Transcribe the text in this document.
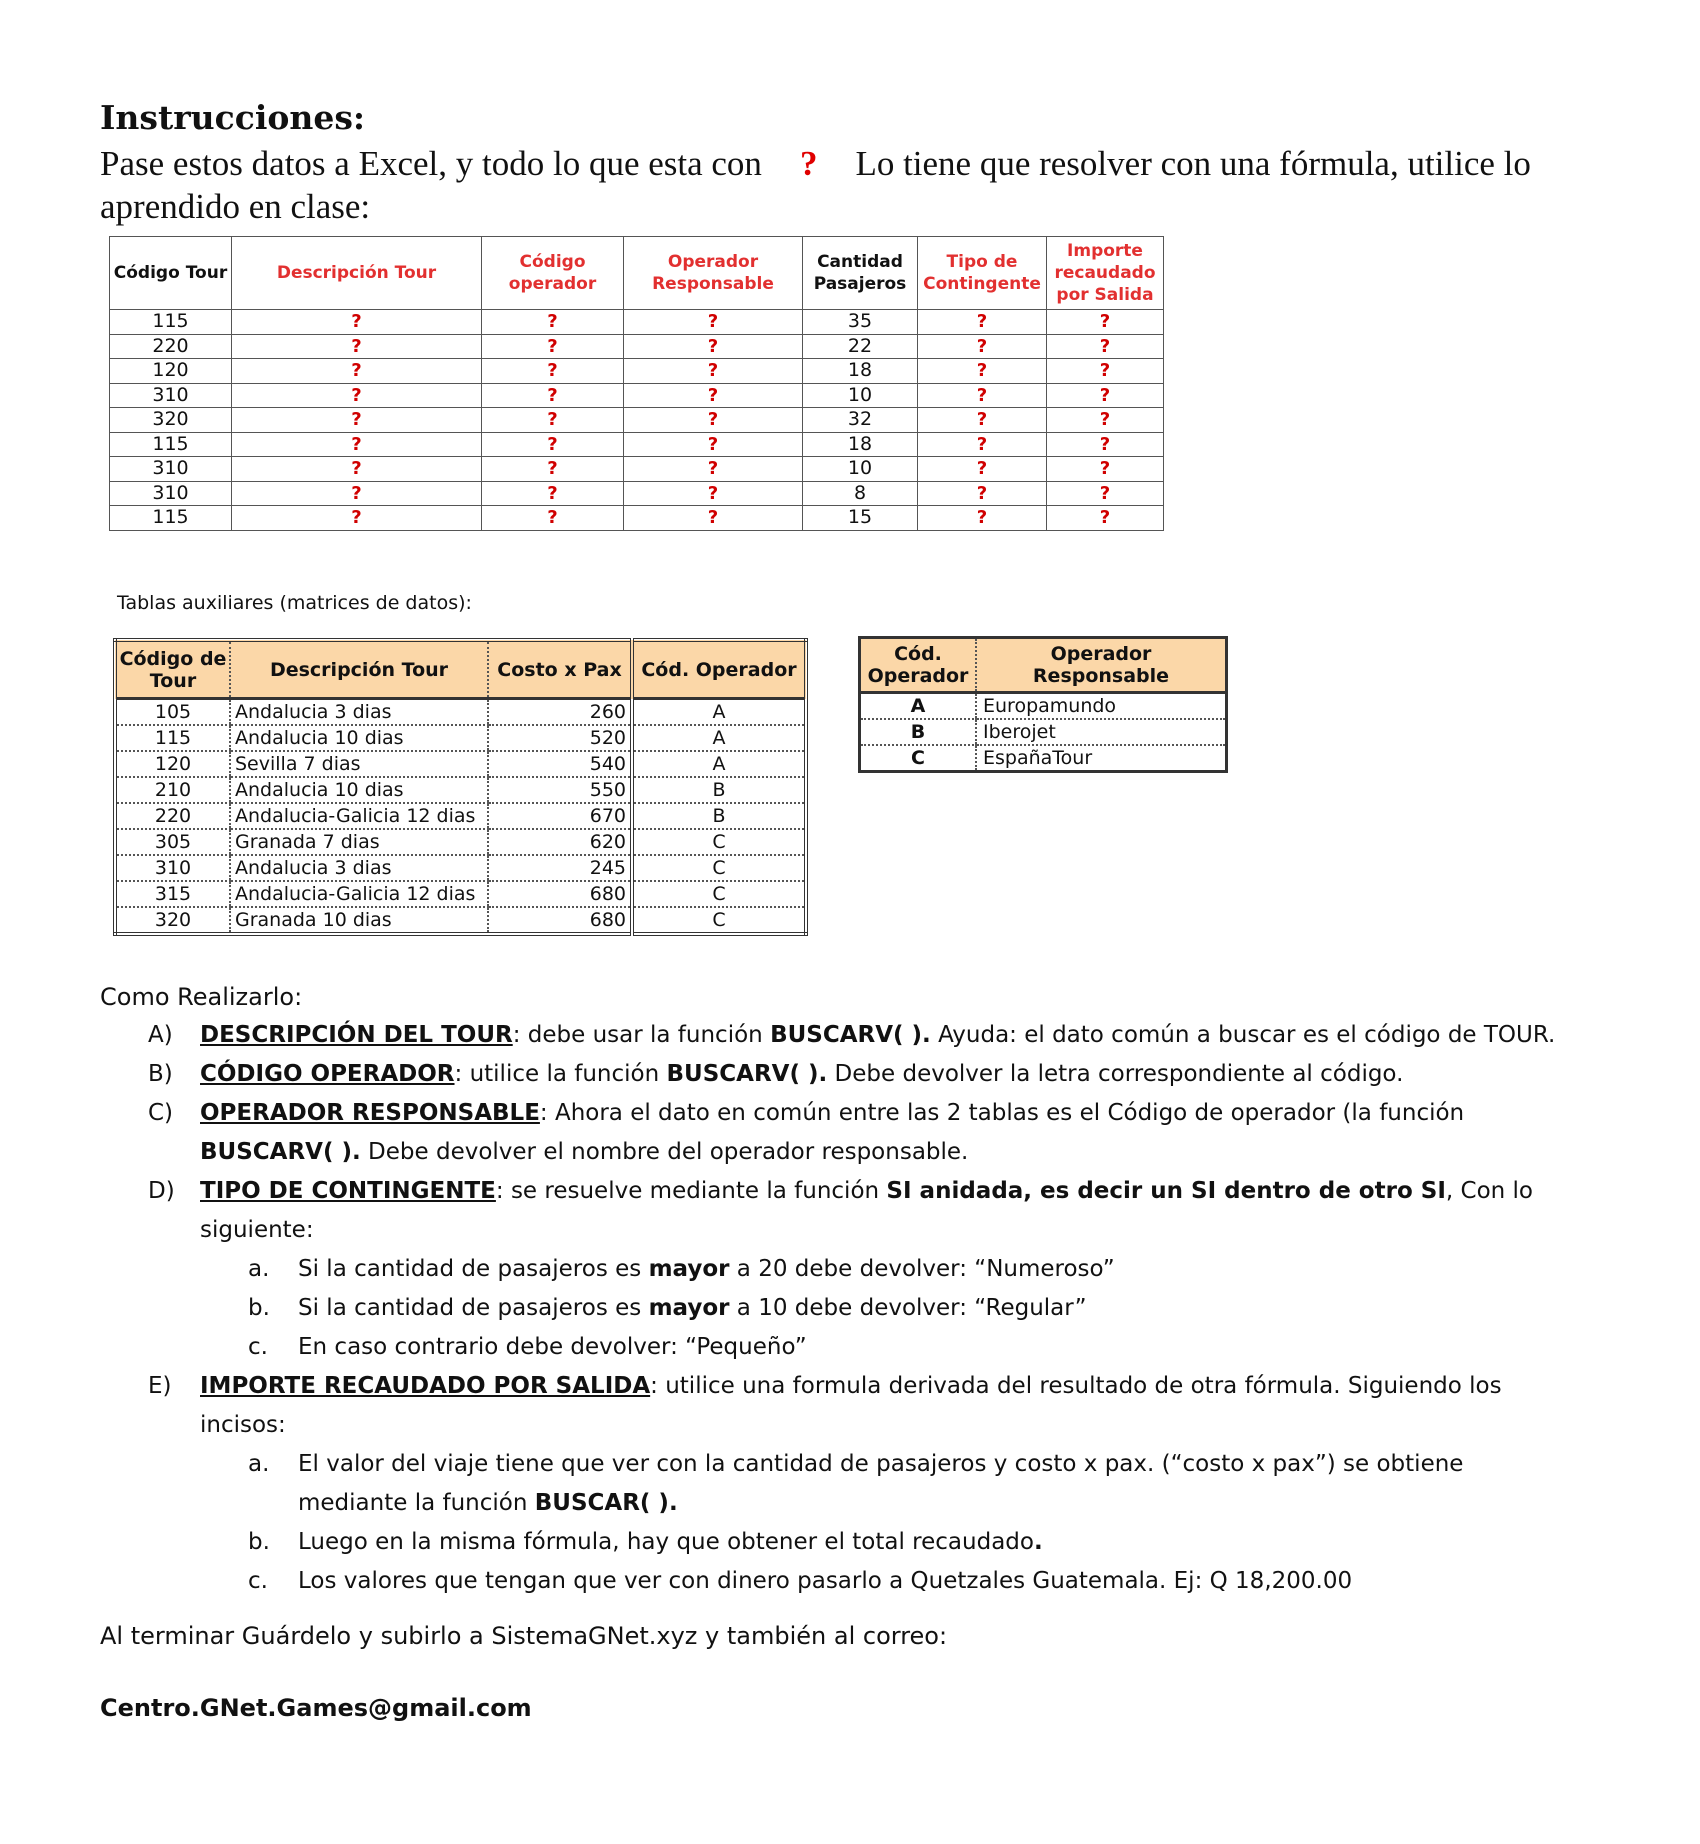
Instrucciones:
Pase estos datos a Excel, y todo lo que esta con ? Lo tiene que resolver con una fórmula, utilice lo aprendido en clase:
Código Tour	Descripción Tour	Código operador	Operador Responsable	Cantidad Pasajeros	Tipo de Contingente	Importe recaudado por Salida
115	?	?	?	35	?	?
220	?	?	?	22	?	?
120	?	?	?	18	?	?
310	?	?	?	10	?	?
320	?	?	?	32	?	?
115	?	?	?	18	?	?
310	?	?	?	10	?	?
310	?	?	?	8	?	?
115	?	?	?	15	?	?
Tablas auxiliares (matrices de datos):
Código de Tour	Descripción Tour	Costo x Pax	Cód. Operador
105	Andalucia 3 dias	260	A
115	Andalucia 10 dias	520	A
120	Sevilla 7 dias	540	A
210	Andalucia 10 dias	550	B
220	Andalucia-Galicia 12 dias	670	B
305	Granada 7 dias	620	C
310	Andalucia 3 dias	245	C
315	Andalucia-Galicia 12 dias	680	C
320	Granada 10 dias	680	C
Cód. Operador	Operador Responsable
A	Europamundo
B	Iberojet
C	EspañaTour
Como Realizarlo:
A)	DESCRIPCIÓN DEL TOUR: debe usar la función BUSCARV( ). Ayuda: el dato común a buscar es el código de TOUR.
B)	CÓDIGO OPERADOR: utilice la función BUSCARV( ). Debe devolver la letra correspondiente al código.
C)	OPERADOR RESPONSABLE: Ahora el dato en común entre las 2 tablas es el Código de operador (la función BUSCARV( ). Debe devolver el nombre del operador responsable.
D)	TIPO DE CONTINGENTE: se resuelve mediante la función SI anidada, es decir un SI dentro de otro SI, Con lo siguiente:
a.	Si la cantidad de pasajeros es mayor a 20 debe devolver: “Numeroso”
b.	Si la cantidad de pasajeros es mayor a 10 debe devolver: “Regular”
c.	En caso contrario debe devolver: “Pequeño”
E)	IMPORTE RECAUDADO POR SALIDA: utilice una formula derivada del resultado de otra fórmula. Siguiendo los incisos:
a.	El valor del viaje tiene que ver con la cantidad de pasajeros y costo x pax. (“costo x pax”) se obtiene mediante la función BUSCAR( ).
b.	Luego en la misma fórmula, hay que obtener el total recaudado.
c.	Los valores que tengan que ver con dinero pasarlo a Quetzales Guatemala. Ej: Q 18,200.00
Al terminar Guárdelo y subirlo a SistemaGNet.xyz y también al correo:
Centro.GNet.Games@gmail.com
